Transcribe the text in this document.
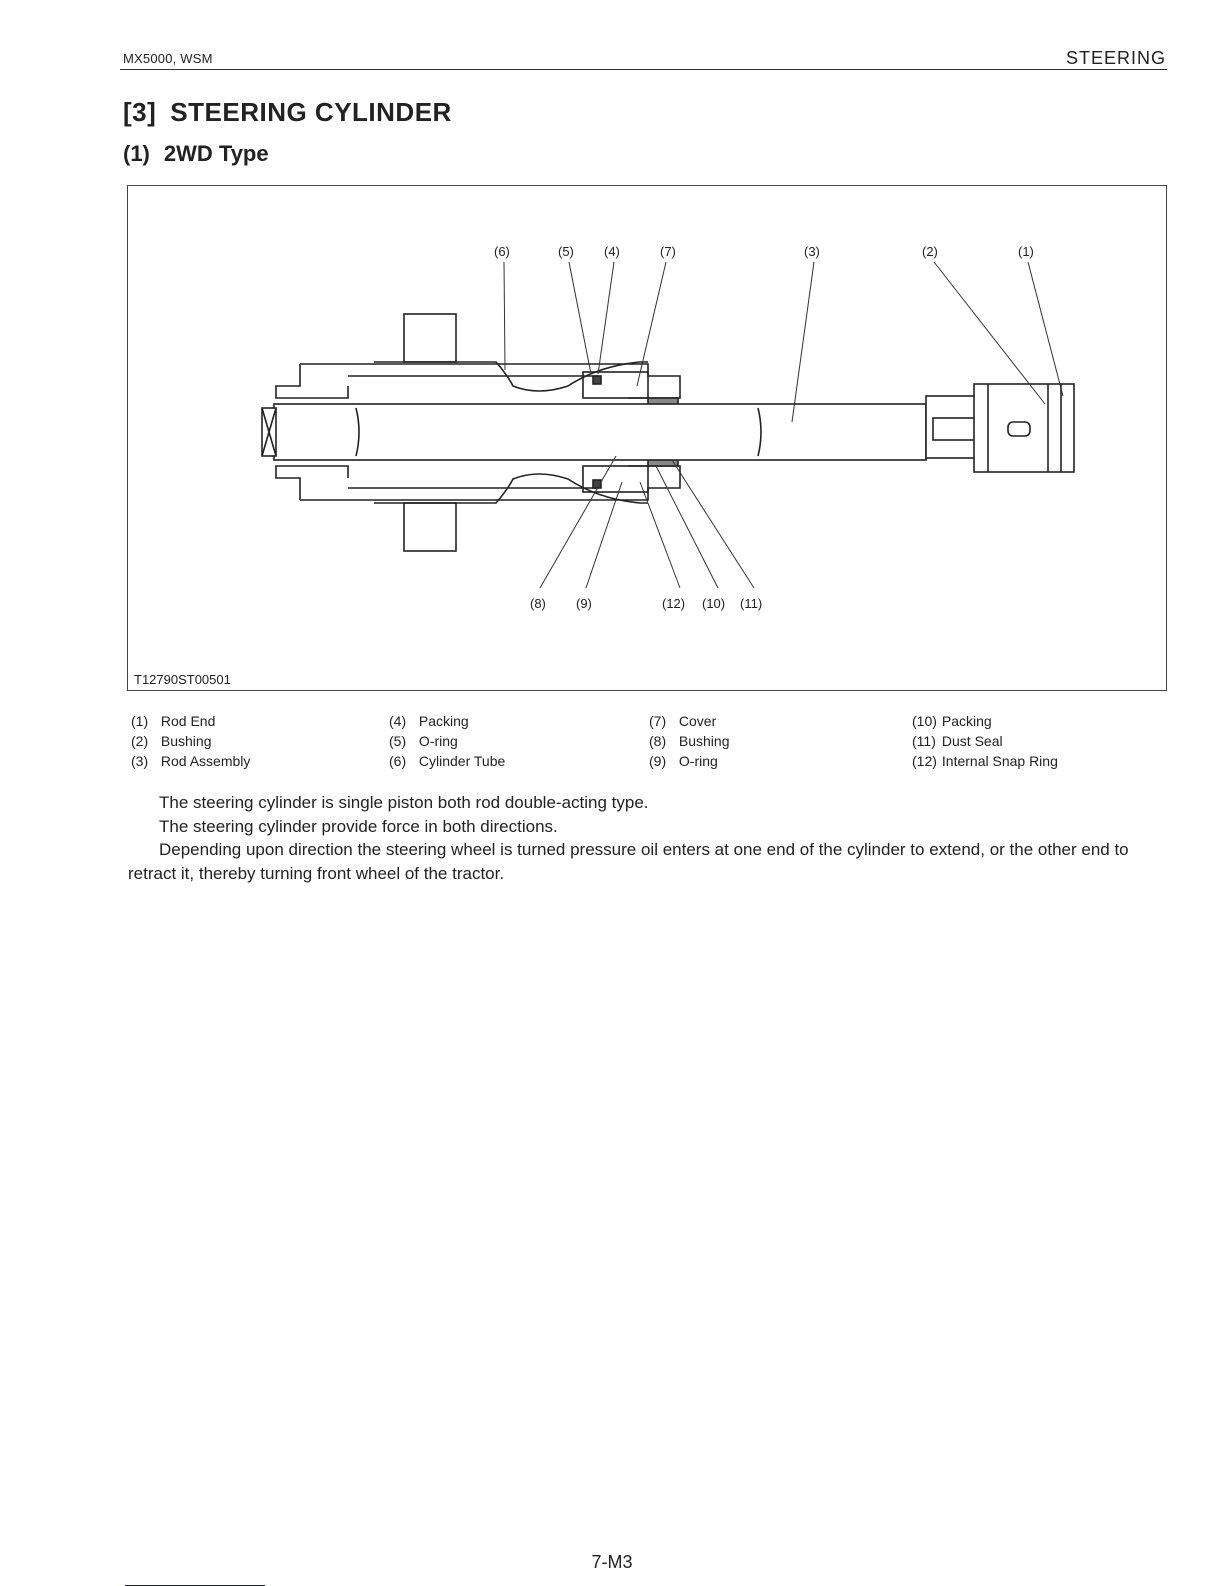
MX5000, WSM	STEERING
[3] STEERING CYLINDER
(1) 2WD Type
(6)	(5) (4)	(7)	(3)	(2)	(1)
(8) (9)	(12) (10) (11)
T12790ST00501
(1) Rod End
(2) Bushing
(3) Rod Assembly
(4) Packing
(5) O-ring
(6) Cylinder Tube
(7) Cover
(8) Bushing
(9) O-ring
(10) Packing
(11) Dust Seal
(12) Internal Snap Ring

The steering cylinder is single piston both rod double-acting type.

The steering cylinder provide force in both directions.

Depending upon direction the steering wheel is turned pressure oil enters at one end of the cylinder to extend, or the other end to retract it, thereby turning front wheel of the tractor.

7-M3
